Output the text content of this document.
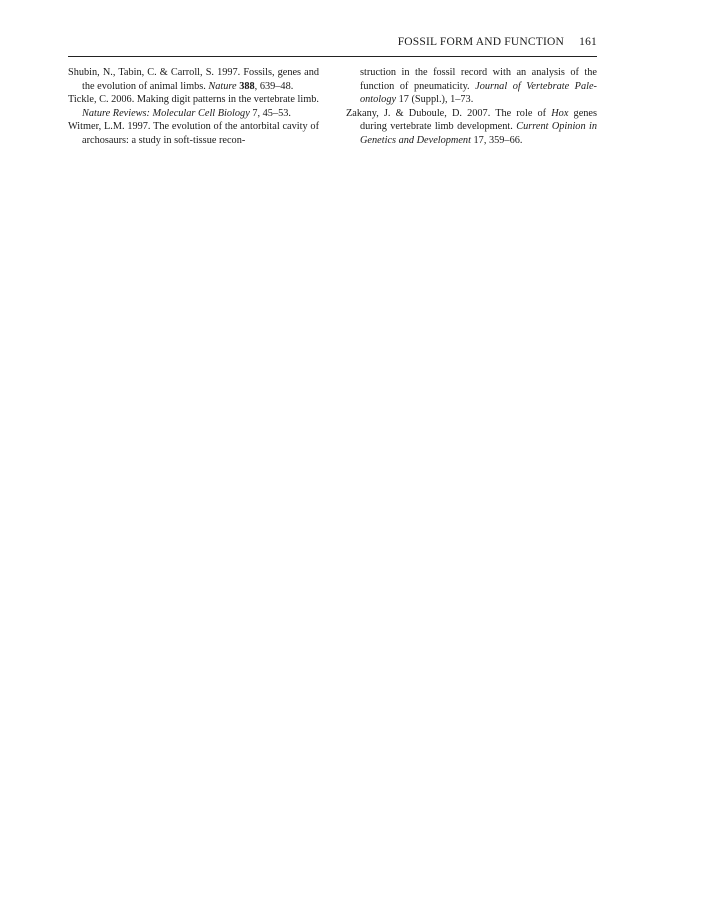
FOSSIL FORM AND FUNCTION 161

Shubin, N., Tabin, C. & Carroll, S. 1997. Fossils, genes and the evolution of animal limbs. Nature 388, 639–48.

Tickle, C. 2006. Making digit patterns in the vertebrate limb. Nature Reviews: Molecular Cell Biology 7, 45–53.

Witmer, L.M. 1997. The evolution of the antorbital cavity of archosaurs: a study in soft-tissue recon-

struction in the fossil record with an analysis of the function of pneumaticity. Journal of Vertebrate Pale-ontology 17 (Suppl.), 1–73.

Zakany, J. & Duboule, D. 2007. The role of Hox genes during vertebrate limb development. Current Opinion in Genetics and Development 17, 359–66.
